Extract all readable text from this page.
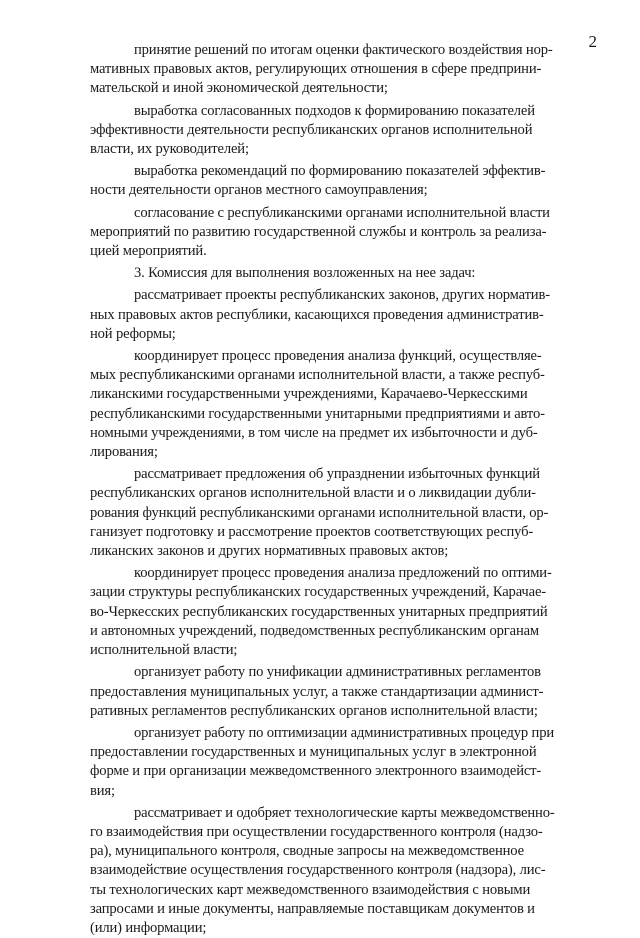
2

принятие решений по итогам оценки фактического воздействия нор-
мативных правовых актов, регулирующих отношения в сфере предприни-
мательской и иной экономической деятельности;

выработка согласованных подходов к формированию показателей
эффективности деятельности республиканских органов исполнительной
власти, их руководителей;

выработка рекомендаций по формированию показателей эффектив-
ности деятельности органов местного самоуправления;

согласование с республиканскими органами исполнительной власти
мероприятий по развитию государственной службы и контроль за реализа-
цией мероприятий.

3. Комиссия для выполнения возложенных на нее задач:

рассматривает проекты республиканских законов, других норматив-
ных правовых актов республики, касающихся проведения административ-
ной реформы;

координирует процесс проведения анализа функций, осуществляе-
мых республиканскими органами исполнительной власти, а также респуб-
ликанскими государственными учреждениями, Карачаево-Черкесскими
республиканскими государственными унитарными предприятиями и авто-
номными учреждениями, в том числе на предмет их избыточности и дуб-
лирования;

рассматривает предложения об упразднении избыточных функций
республиканских органов исполнительной власти и о ликвидации дубли-
рования функций республиканскими органами исполнительной власти, ор-
ганизует подготовку и рассмотрение проектов соответствующих респуб-
ликанских законов и других нормативных правовых актов;

координирует процесс проведения анализа предложений по оптими-
зации структуры республиканских государственных учреждений, Карачае-
во-Черкесских республиканских государственных унитарных предприятий
и автономных учреждений, подведомственных республиканским органам
исполнительной власти;

организует работу по унификации административных регламентов
предоставления муниципальных услуг, а также стандартизации админист-
ративных регламентов республиканских органов исполнительной власти;

организует работу по оптимизации административных процедур при
предоставлении государственных и муниципальных услуг в электронной
форме и при организации межведомственного электронного взаимодейст-
вия;

рассматривает и одобряет технологические карты межведомственно-
го взаимодействия при осуществлении государственного контроля (надзо-
ра), муниципального контроля, сводные запросы на межведомственное
взаимодействие осуществления государственного контроля (надзора), лис-
ты технологических карт межведомственного взаимодействия с новыми
запросами и иные документы, направляемые поставщикам документов и
(или) информации;
